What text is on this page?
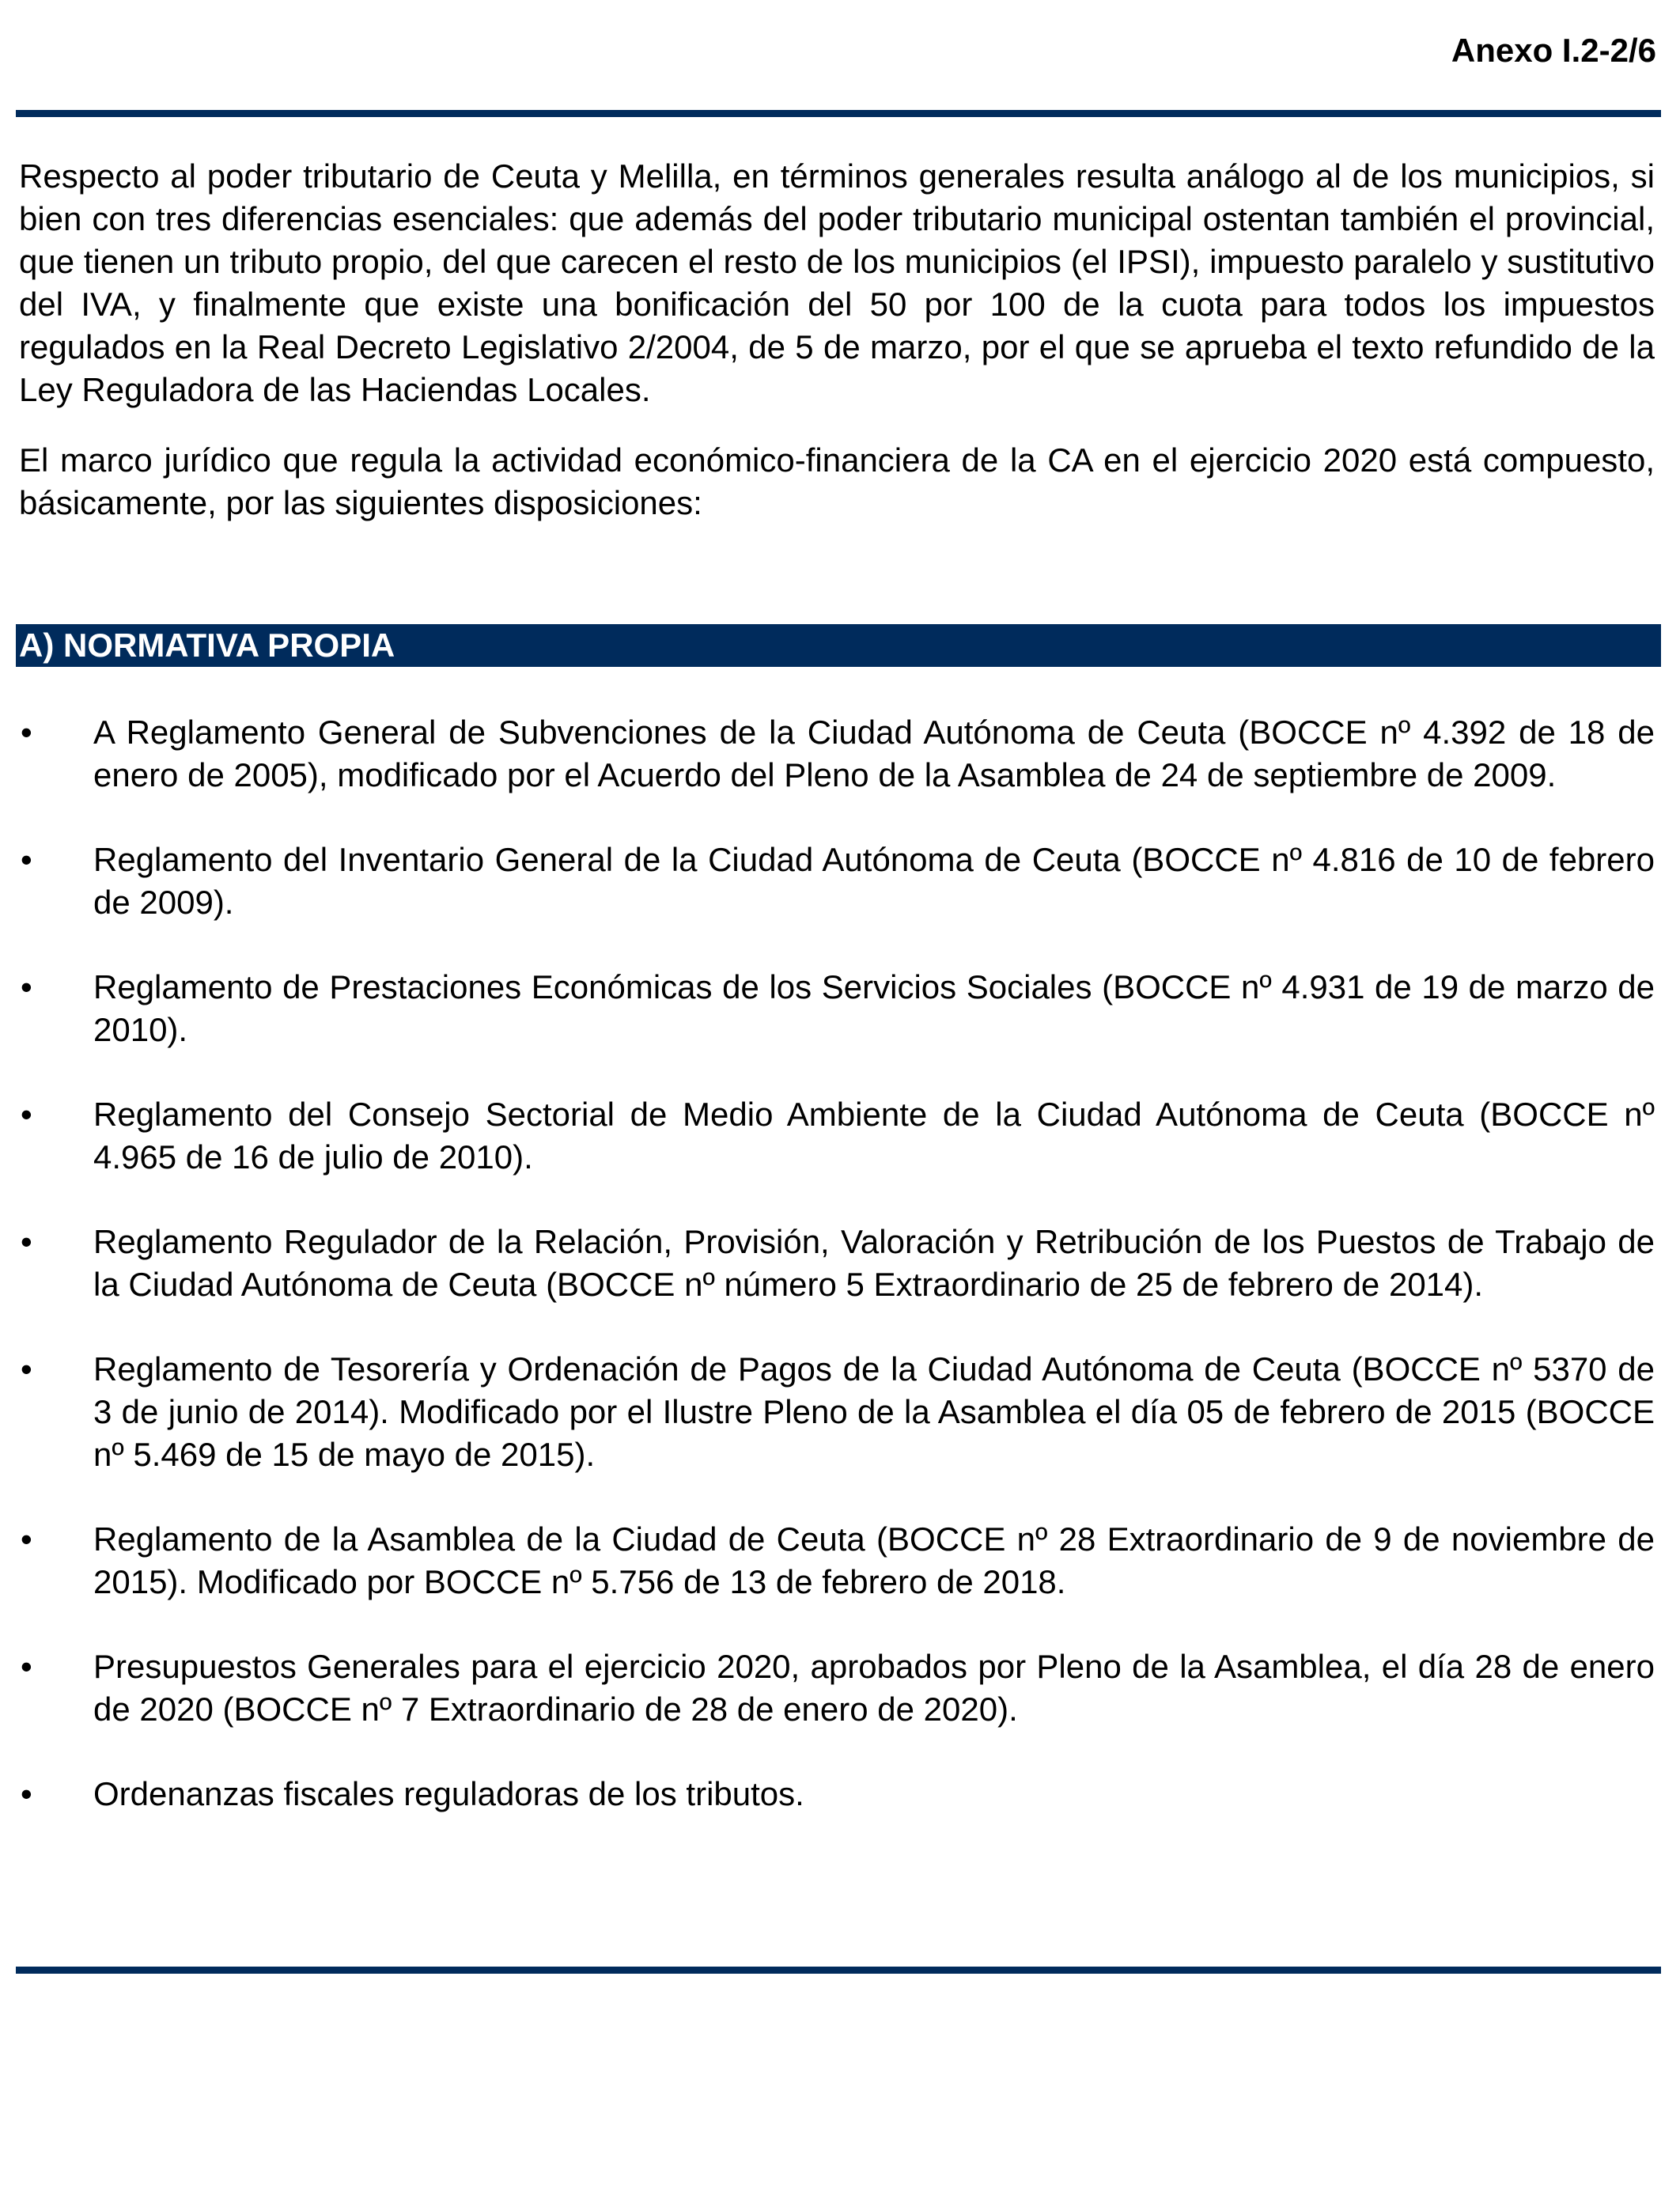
Anexo I.2-2/6

Respecto al poder tributario de Ceuta y Melilla, en términos generales resulta análogo al de los municipios, si bien con tres diferencias esenciales: que además del poder tributario municipal ostentan también el provincial, que tienen un tributo propio, del que carecen el resto de los municipios (el IPSI), impuesto paralelo y sustitutivo del IVA, y finalmente que existe una bonificación del 50 por 100 de la cuota para todos los impuestos regulados en la Real Decreto Legislativo 2/2004, de 5 de marzo, por el que se aprueba el texto refundido de la Ley Reguladora de las Haciendas Locales.

El marco jurídico que regula la actividad económico-financiera de la CA en el ejercicio 2020 está compuesto, básicamente, por las siguientes disposiciones:

A) NORMATIVA PROPIA
•	A Reglamento General de Subvenciones de la Ciudad Autónoma de Ceuta (BOCCE nº 4.392 de 18 de enero de 2005), modificado por el Acuerdo del Pleno de la Asamblea de 24 de septiembre de 2009.
•	Reglamento del Inventario General de la Ciudad Autónoma de Ceuta (BOCCE nº 4.816 de 10 de febrero de 2009).
•	Reglamento de Prestaciones Económicas de los Servicios Sociales (BOCCE nº 4.931 de 19 de marzo de 2010).
•	Reglamento del Consejo Sectorial de Medio Ambiente de la Ciudad Autónoma de Ceuta (BOCCE nº 4.965 de 16 de julio de 2010).
•	Reglamento Regulador de la Relación, Provisión, Valoración y Retribución de los Puestos de Trabajo de la Ciudad Autónoma de Ceuta (BOCCE nº número 5 Extraordinario de 25 de febrero de 2014).
•	Reglamento de Tesorería y Ordenación de Pagos de la Ciudad Autónoma de Ceuta (BOCCE nº 5370 de 3 de junio de 2014). Modificado por el Ilustre Pleno de la Asamblea el día 05 de febrero de 2015 (BOCCE nº 5.469 de 15 de mayo de 2015).
•	Reglamento de la Asamblea de la Ciudad de Ceuta (BOCCE nº 28 Extraordinario de 9 de noviembre de 2015). Modificado por BOCCE nº 5.756 de 13 de febrero de 2018.
•	Presupuestos Generales para el ejercicio 2020, aprobados por Pleno de la Asamblea, el día 28 de enero de 2020 (BOCCE nº 7 Extraordinario de 28 de enero de 2020).
•	Ordenanzas fiscales reguladoras de los tributos.
